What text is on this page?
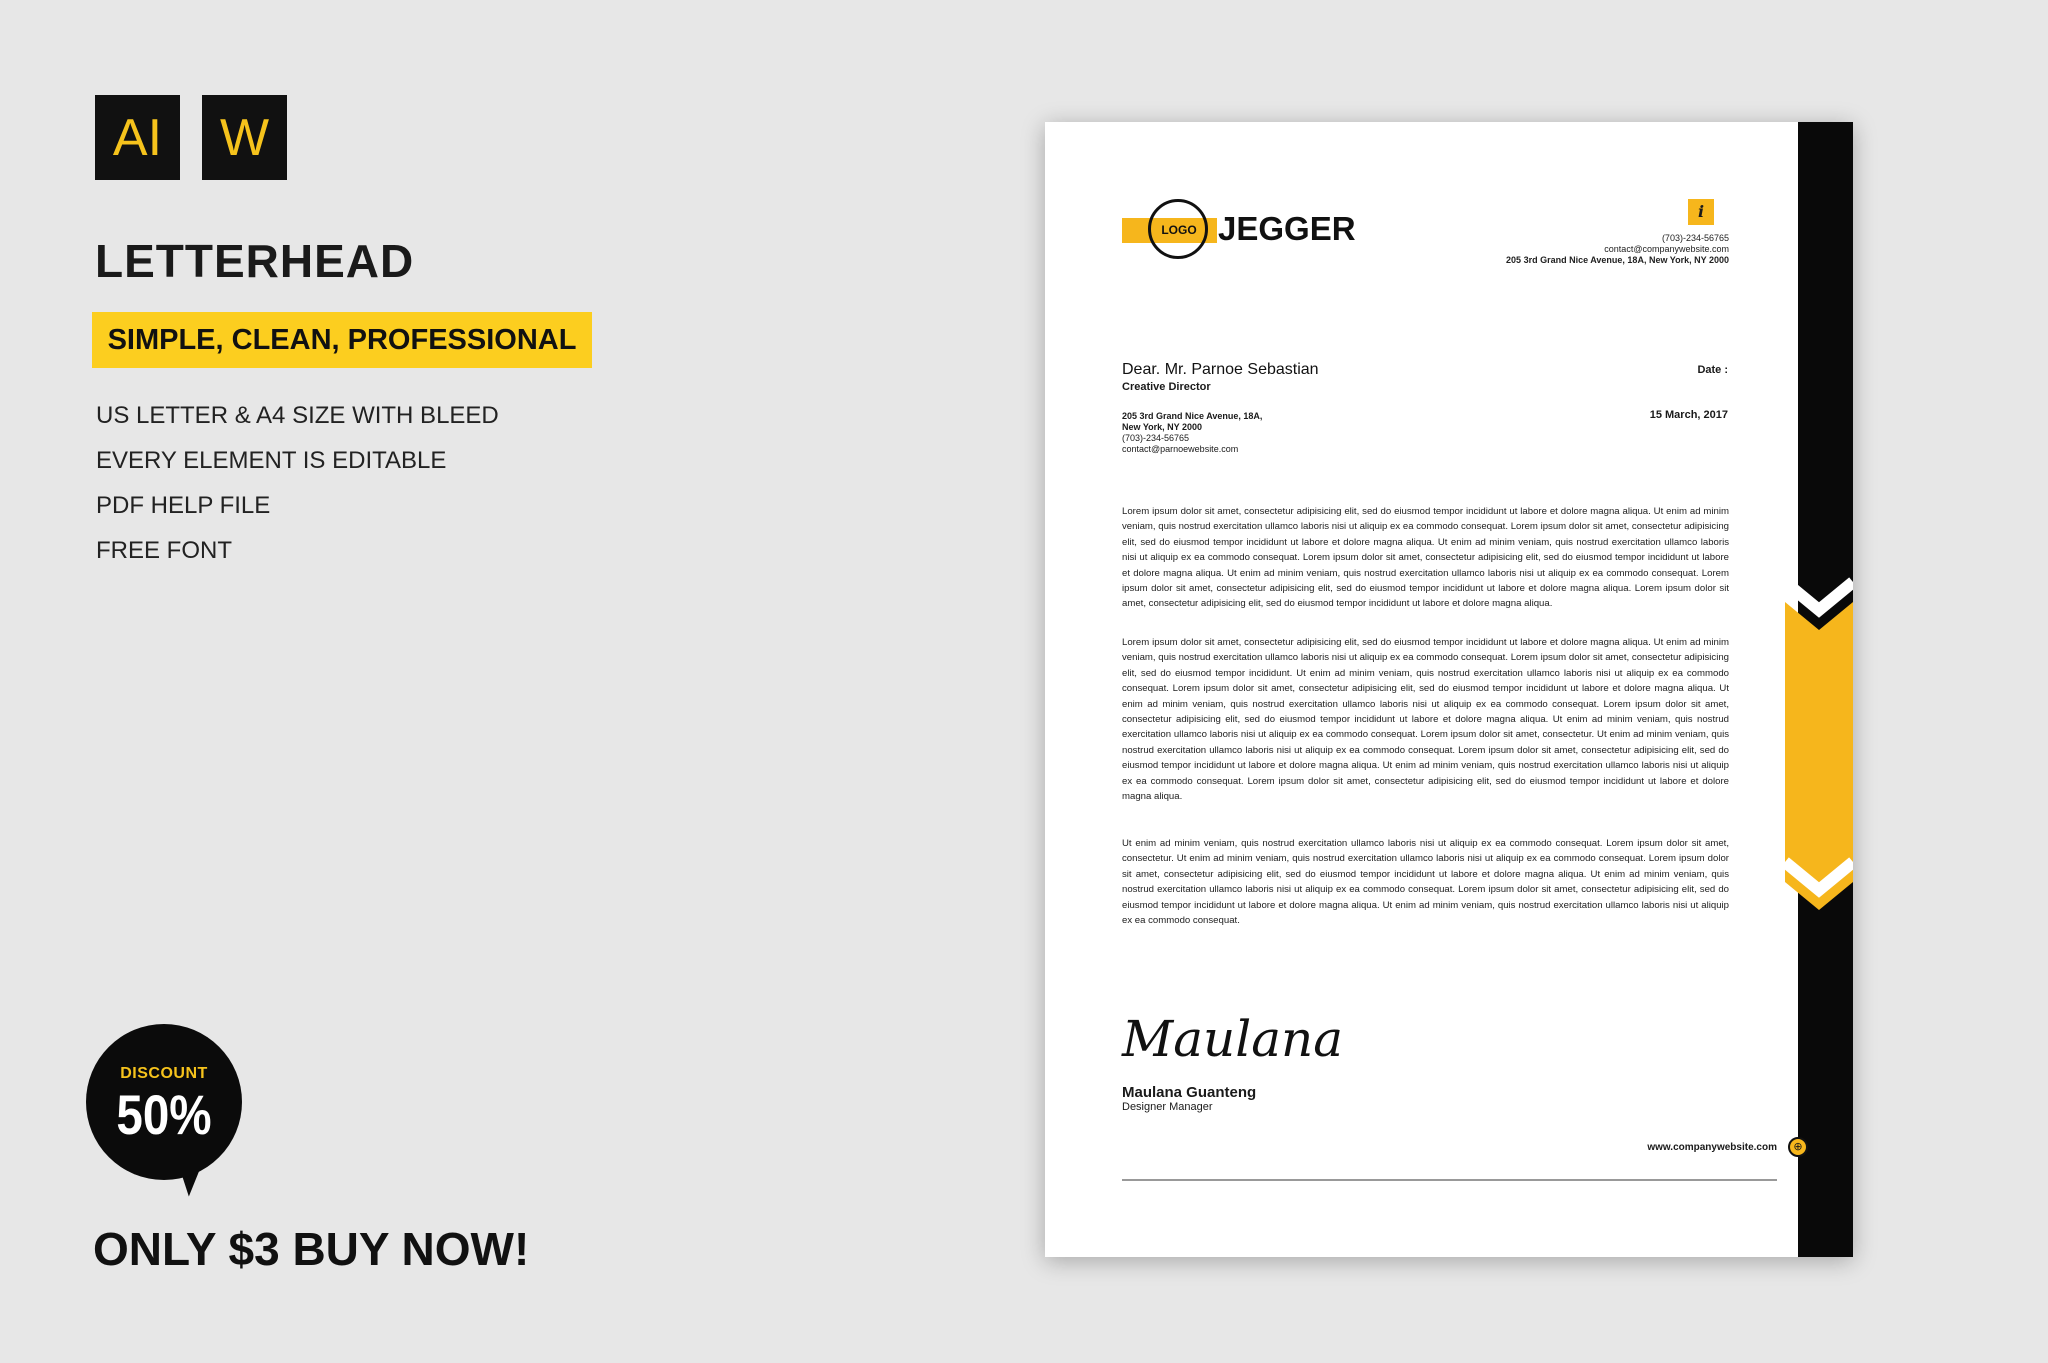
AI W
LETTERHEAD
SIMPLE, CLEAN, PROFESSIONAL
US LETTER & A4 SIZE WITH BLEED
EVERY ELEMENT IS EDITABLE
PDF HELP FILE
FREE FONT
DISCOUNT
50%
ONLY $3 BUY NOW!
LOGO JEGGER	i
(703)-234-56765
contact@companywebsite.com
205 3rd Grand Nice Avenue, 18A, New York, NY 2000
Dear. Mr. Parnoe Sebastian
Creative Director
Date :
15 March, 2017
205 3rd Grand Nice Avenue, 18A,
New York, NY 2000
(703)-234-56765
contact@parnoewebsite.com

Lorem ipsum dolor sit amet, consectetur adipisicing elit, sed do eiusmod tempor incididunt ut labore et dolore magna aliqua. Ut enim ad minim veniam, quis nostrud exercitation ullamco laboris nisi ut aliquip ex ea commodo consequat. Lorem ipsum dolor sit amet, consectetur adipisicing elit, sed do eiusmod tempor incididunt ut labore et dolore magna aliqua. Ut enim ad minim veniam, quis nostrud exercitation ullamco laboris nisi ut aliquip ex ea commodo consequat. Lorem ipsum dolor sit amet, consectetur adipisicing elit, sed do eiusmod tempor incididunt ut labore et dolore magna aliqua. Ut enim ad minim veniam, quis nostrud exercitation ullamco laboris nisi ut aliquip ex ea commodo consequat. Lorem ipsum dolor sit amet, consectetur adipisicing elit, sed do eiusmod tempor incididunt ut labore et dolore magna aliqua. Lorem ipsum dolor sit amet, consectetur adipisicing elit, sed do eiusmod tempor incididunt ut labore et dolore magna aliqua.

Lorem ipsum dolor sit amet, consectetur adipisicing elit, sed do eiusmod tempor incididunt ut labore et dolore magna aliqua. Ut enim ad minim veniam, quis nostrud exercitation ullamco laboris nisi ut aliquip ex ea commodo consequat. Lorem ipsum dolor sit amet, consectetur adipisicing elit, sed do eiusmod tempor incididunt. Ut enim ad minim veniam, quis nostrud exercitation ullamco laboris nisi ut aliquip ex ea commodo consequat. Lorem ipsum dolor sit amet, consectetur adipisicing elit, sed do eiusmod tempor incididunt ut labore et dolore magna aliqua. Ut enim ad minim veniam, quis nostrud exercitation ullamco laboris nisi ut aliquip ex ea commodo consequat. Lorem ipsum dolor sit amet, consectetur adipisicing elit, sed do eiusmod tempor incididunt ut labore et dolore magna aliqua. Ut enim ad minim veniam, quis nostrud exercitation ullamco laboris nisi ut aliquip ex ea commodo consequat. Lorem ipsum dolor sit amet, consectetur. Ut enim ad minim veniam, quis nostrud exercitation ullamco laboris nisi ut aliquip ex ea commodo consequat. Lorem ipsum dolor sit amet, consectetur adipisicing elit, sed do eiusmod tempor incididunt ut labore et dolore magna aliqua. Ut enim ad minim veniam, quis nostrud exercitation ullamco laboris nisi ut aliquip ex ea commodo consequat. Lorem ipsum dolor sit amet, consectetur adipisicing elit, sed do eiusmod tempor incididunt ut labore et dolore magna aliqua.

Ut enim ad minim veniam, quis nostrud exercitation ullamco laboris nisi ut aliquip ex ea commodo consequat. Lorem ipsum dolor sit amet, consectetur. Ut enim ad minim veniam, quis nostrud exercitation ullamco laboris nisi ut aliquip ex ea commodo consequat. Lorem ipsum dolor sit amet, consectetur adipisicing elit, sed do eiusmod tempor incididunt ut labore et dolore magna aliqua. Ut enim ad minim veniam, quis nostrud exercitation ullamco laboris nisi ut aliquip ex ea commodo consequat. Lorem ipsum dolor sit amet, consectetur adipisicing elit, sed do eiusmod tempor incididunt ut labore et dolore magna aliqua. Ut enim ad minim veniam, quis nostrud exercitation ullamco laboris nisi ut aliquip ex ea commodo consequat.

Maulana
Maulana Guanteng
Designer Manager
www.companywebsite.com	⊕
